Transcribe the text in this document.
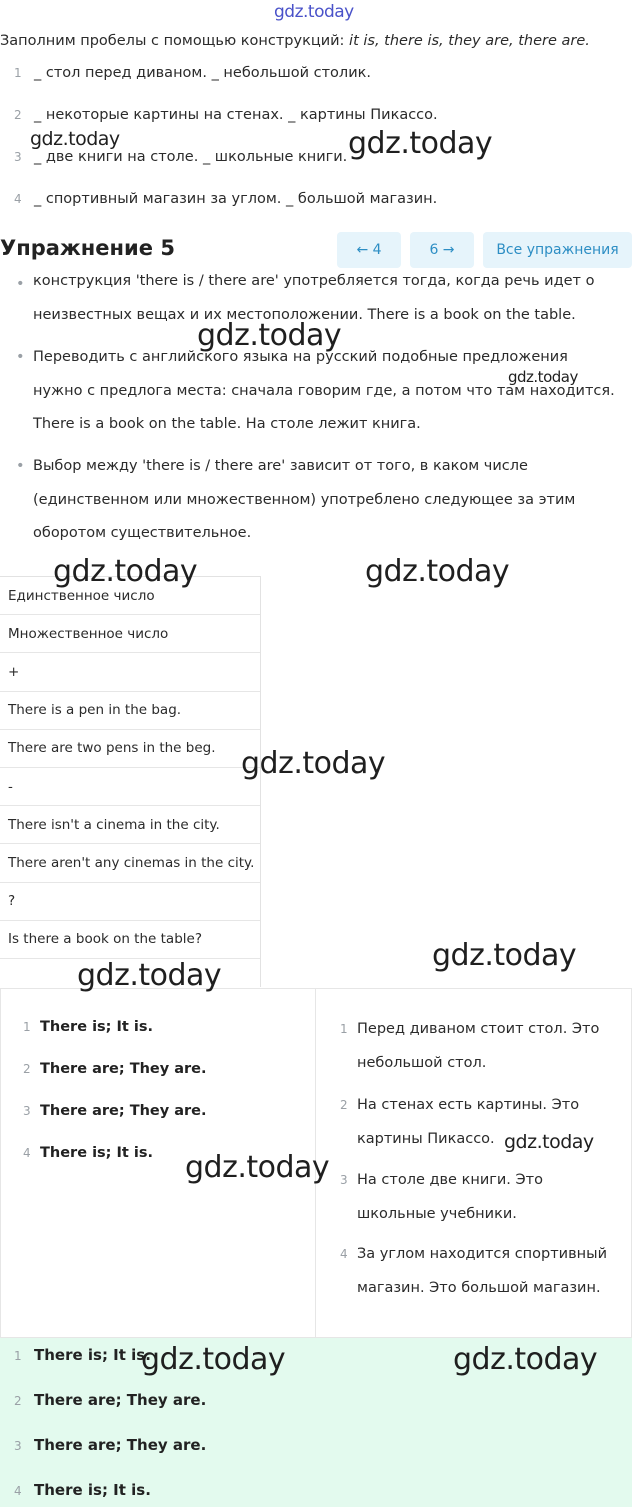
Заполним пробелы с помощью конструкций: it is, there is, they are, there are.
1 _ стол перед диваном. _ небольшой столик.
2 _ некоторые картины на стенах. _ картины Пикассо.
3 _ две книги на столе. _ школьные книги.
4 _ спортивный магазин за углом. _ большой магазин.
Упражнение 5	← 4	6 →	Все упражнения
• конструкция 'there is / there are' употребляется тогда, когда речь идет о
неизвестных вещах и их местоположении. There is a book on the table.
• Переводить с английского языка на русский подобные предложения
нужно с предлога места: сначала говорим где, а потом что там находится.
There is a book on the table. На столе лежит книга.
• Выбор между 'there is / there are' зависит от того, в каком числе
(единственном или множественном) употреблено следующее за этим
оборотом существительное.
Единственное число
Множественное число
+
There is a pen in the bag.
There are two pens in the beg.
-
There isn't a cinema in the city.
There aren't any cinemas in the city.
?
Is there a book on the table?
1 There is; It is.
2 There are; They are.
3 There are; They are.
4 There is; It is.
1 Перед диваном стоит стол. Это
небольшой стол.
2 На стенах есть картины. Это
картины Пикассо.
3 На столе две книги. Это
школьные учебники.
4 За углом находится спортивный
магазин. Это большой магазин.
1 There is; It is.
2 There are; They are.
3 There are; They are.
4 There is; It is.
gdz.today
gdz.today	gdz.today
gdz.today
gdz.today
gdz.today	gdz.today
gdz.today
gdz.today
gdz.today
gdz.today
gdz.today
gdz.today	gdz.today
